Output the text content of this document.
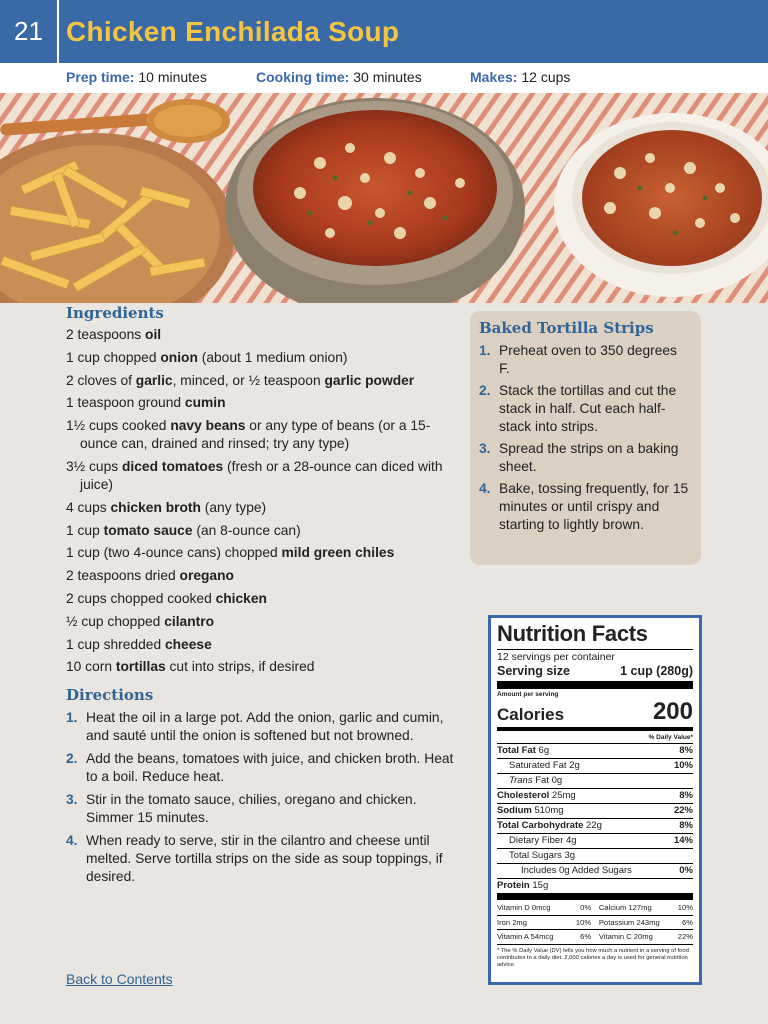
21 Chicken Enchilada Soup
Prep time: 10 minutes	Cooking time: 30 minutes	Makes: 12 cups
Ingredients
2 teaspoons oil
1 cup chopped onion (about 1 medium onion)
2 cloves of garlic, minced, or ½ teaspoon garlic powder
1 teaspoon ground cumin
1½ cups cooked navy beans or any type of beans (or a 15-ounce can, drained and rinsed; try any type)
3½ cups diced tomatoes (fresh or a 28-ounce can diced with juice)
4 cups chicken broth (any type)
1 cup tomato sauce (an 8-ounce can)
1 cup (two 4-ounce cans) chopped mild green chiles
2 teaspoons dried oregano
2 cups chopped cooked chicken
½ cup chopped cilantro
1 cup shredded cheese
10 corn tortillas cut into strips, if desired
Directions
1. Heat the oil in a large pot. Add the onion, garlic and cumin, and sauté until the onion is softened but not browned.
2. Add the beans, tomatoes with juice, and chicken broth. Heat to a boil. Reduce heat.
3. Stir in the tomato sauce, chilies, oregano and chicken. Simmer 15 minutes.
4. When ready to serve, stir in the cilantro and cheese until melted. Serve tortilla strips on the side as soup toppings, if desired.
Baked Tortilla Strips
1. Preheat oven to 350 degrees F.
2. Stack the tortillas and cut the stack in half. Cut each half-stack into strips.
3. Spread the strips on a baking sheet.
4. Bake, tossing frequently, for 15 minutes or until crispy and starting to lightly brown.
Nutrition Facts
12 servings per container
Serving size	1 cup (280g)
Amount per serving
Calories	200
% Daily Value*
Total Fat 6g	8%
Saturated Fat 2g	10%
Trans Fat 0g
Cholesterol 25mg	8%
Sodium 510mg	22%
Total Carbohydrate 22g	8%
Dietary Fiber 4g	14%
Total Sugars 3g
Includes 0g Added Sugars	0%
Protein 15g
Vitamin D 0mcg	0% Calcium 127mg	10%
Iron 2mg	10% Potassium 243mg	6%
Vitamin A 54mcg	6% Vitamin C 20mg	22%
* The % Daily Value (DV) tells you how much a nutrient in a serving of food contributes to a daily diet. 2,000 calories a day is used for general nutrition advice.
Back to Contents
